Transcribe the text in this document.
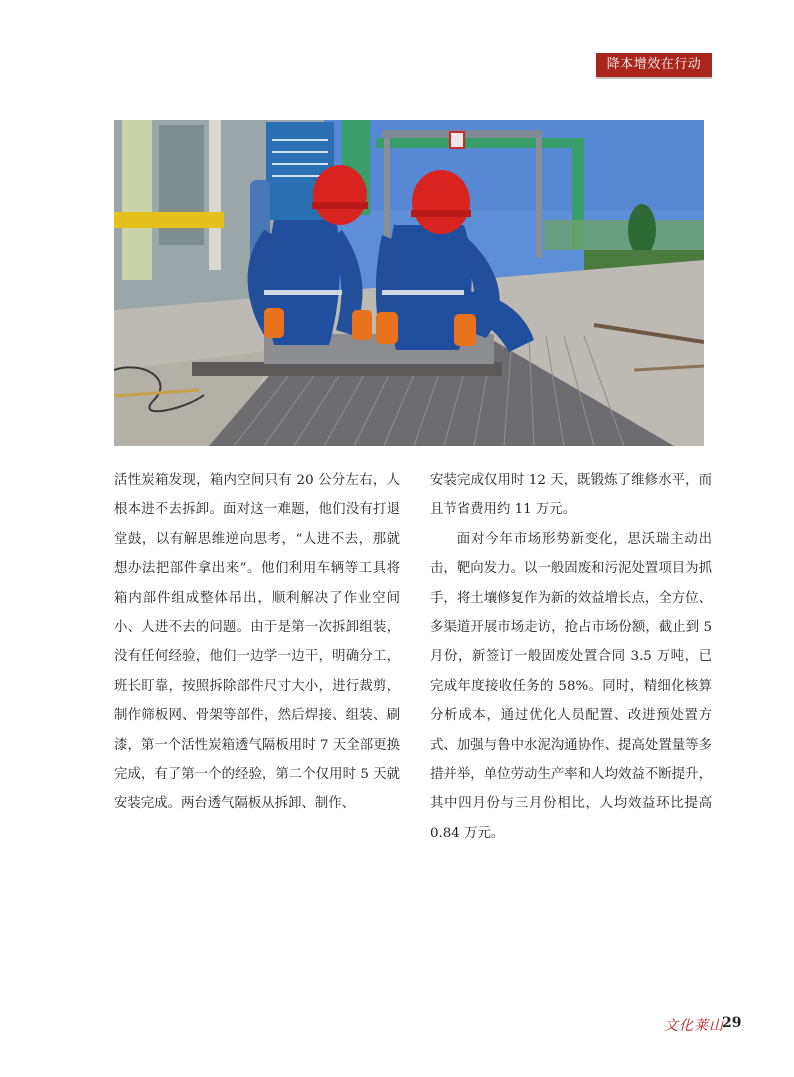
降本增效在行动

活性炭箱发现，箱内空间只有 20 公分左右，人根本进不去拆卸。面对这一难题，他们没有打退堂鼓，以有解思维逆向思考，“人进不去，那就想办法把部件拿出来”。他们利用车辆等工具将箱内部件组成整体吊出，顺利解决了作业空间小、人进不去的问题。由于是第一次拆卸组装，没有任何经验，他们一边学一边干，明确分工，班长盯靠，按照拆除部件尺寸大小，进行裁剪，制作筛板网、骨架等部件，然后焊接、组装、刷漆，第一个活性炭箱透气隔板用时 7 天全部更换完成，有了第一个的经验，第二个仅用时 5 天就安装完成。两台透气隔板从拆卸、制作、

安装完成仅用时 12 天，既锻炼了维修水平，而且节省费用约 11 万元。

面对今年市场形势新变化，思沃瑞主动出击，靶向发力。以一般固废和污泥处置项目为抓手，将土壤修复作为新的效益增长点，全方位、多渠道开展市场走访，抢占市场份额，截止到 5 月份，新签订一般固废处置合同 3.5 万吨，已完成年度接收任务的 58%。同时，精细化核算分析成本，通过优化人员配置、改进预处置方式、加强与鲁中水泥沟通协作、提高处置量等多措并举，单位劳动生产率和人均效益不断提升，其中四月份与三月份相比，人均效益环比提高 0.84 万元。

文化莱山
29
